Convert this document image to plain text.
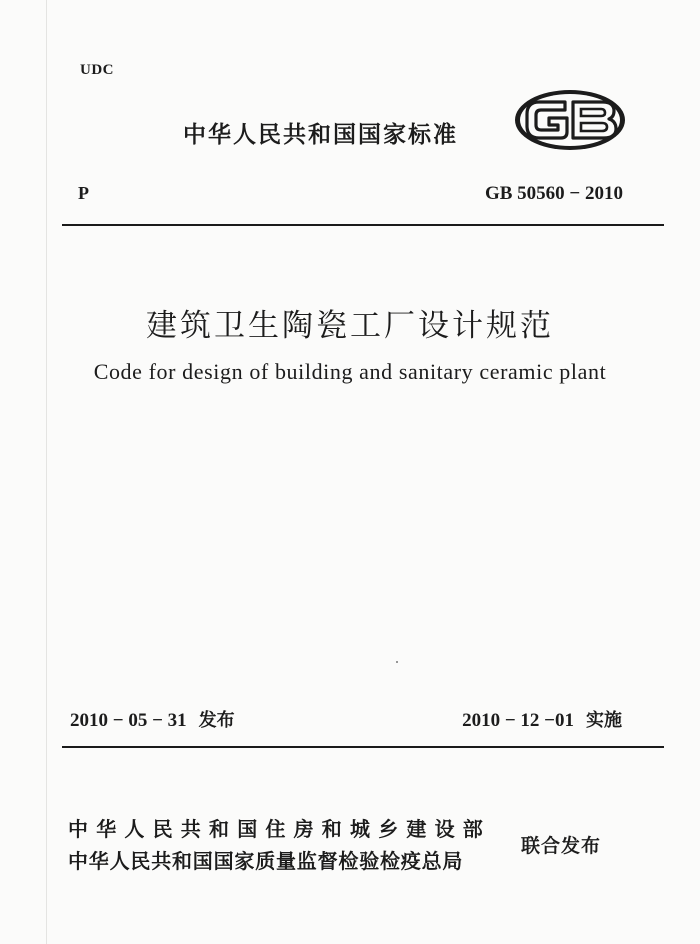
UDC
中华人民共和国国家标准
GB
P	GB 50560 − 2010
建筑卫生陶瓷工厂设计规范
Code for design of building and sanitary ceramic plant
2010 − 05 − 31 发布	2010 − 12 −01 实施
中华人民共和国住房和城乡建设部
中华人民共和国国家质量监督检验检疫总局
联合发布
